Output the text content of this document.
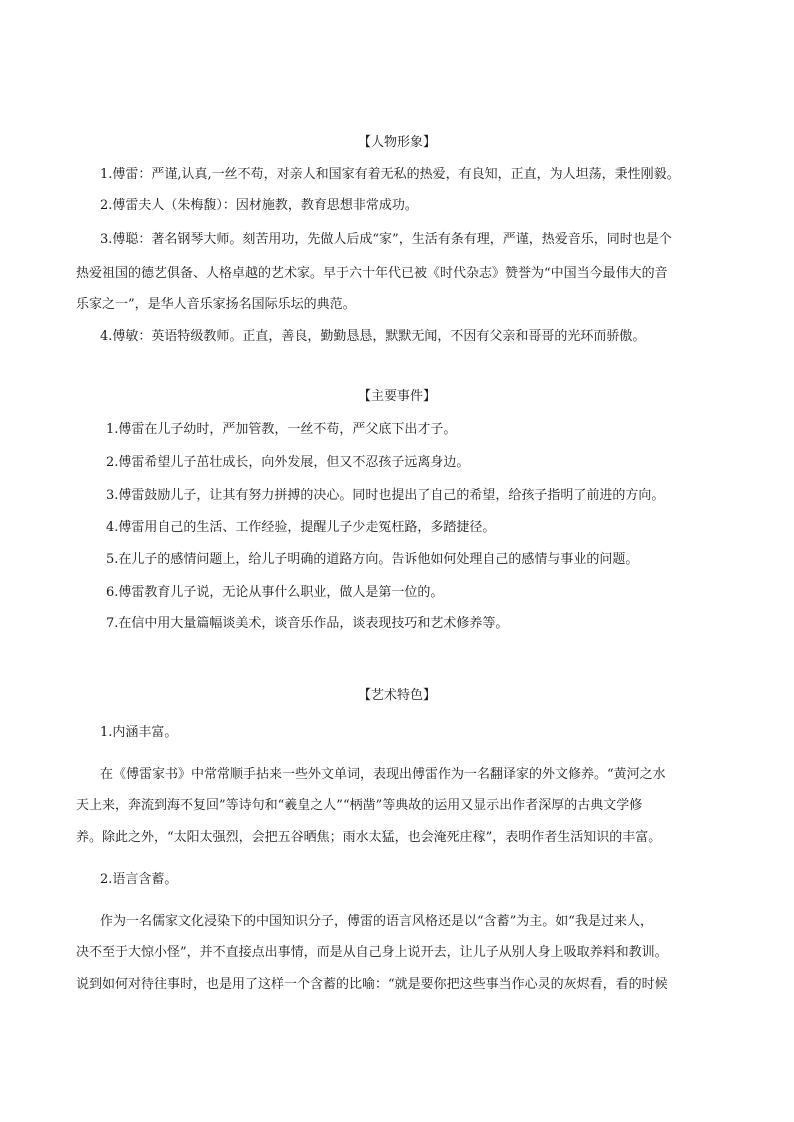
【人物形象】
1.傅雷：严谨,认真,一丝不苟，对亲人和国家有着无私的热爱，有良知，正直，为人坦荡，秉性刚毅。
2.傅雷夫人（朱梅馥）：因材施教，教育思想非常成功。
3.傅聪：著名钢琴大师。刻苦用功，先做人后成“家”，生活有条有理，严谨，热爱音乐，同时也是个
热爱祖国的德艺俱备、人格卓越的艺术家。早于六十年代已被《时代杂志》赞誉为“中国当今最伟大的音
乐家之一”，是华人音乐家扬名国际乐坛的典范。
4.傅敏：英语特级教师。正直，善良，勤勤恳恳，默默无闻，不因有父亲和哥哥的光环而骄傲。
【主要事件】
1.傅雷在儿子幼时，严加管教，一丝不苟，严父底下出才子。
2.傅雷希望儿子茁壮成长，向外发展，但又不忍孩子远离身边。
3.傅雷鼓励儿子，让其有努力拼搏的决心。同时也提出了自己的希望，给孩子指明了前进的方向。
4.傅雷用自己的生活、工作经验，提醒儿子少走冤枉路，多踏捷径。
5.在儿子的感情问题上，给儿子明确的道路方向。告诉他如何处理自己的感情与事业的问题。
6.傅雷教育儿子说，无论从事什么职业，做人是第一位的。
7.在信中用大量篇幅谈美术，谈音乐作品，谈表现技巧和艺术修养等。
【艺术特色】
1.内涵丰富。
在《傅雷家书》中常常顺手拈来一些外文单词，表现出傅雷作为一名翻译家的外文修养。“黄河之水
天上来，奔流到海不复回”等诗句和“羲皇之人”“柄凿”等典故的运用又显示出作者深厚的古典文学修
养。除此之外，“太阳太强烈，会把五谷晒焦；雨水太猛，也会淹死庄稼”，表明作者生活知识的丰富。
2.语言含蓄。
作为一名儒家文化浸染下的中国知识分子，傅雷的语言风格还是以“含蓄”为主。如“我是过来人，
决不至于大惊小怪”，并不直接点出事情，而是从自己身上说开去，让儿子从别人身上吸取养料和教训。
说到如何对待往事时，也是用了这样一个含蓄的比喻：“就是要你把这些事当作心灵的灰烬看，看的时候
